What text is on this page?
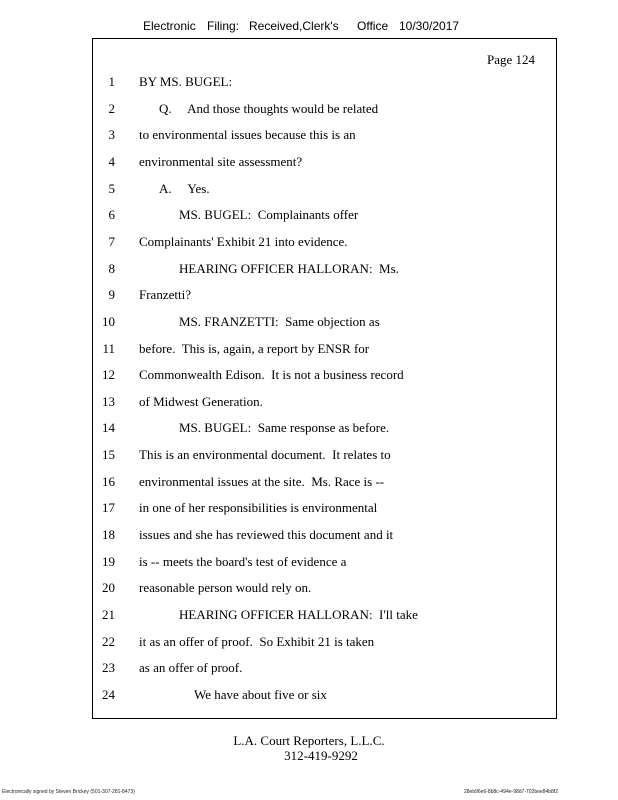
Electronic Filing: Received,Clerk's Office 10/30/2017
Page 124
1 BY MS. BUGEL:
2	Q.     And those thoughts would be related
3 to environmental issues because this is an
4 environmental site assessment?
5	A.     Yes.
6	MS. BUGEL:  Complainants offer
7 Complainants' Exhibit 21 into evidence.
8	HEARING OFFICER HALLORAN:  Ms.
9 Franzetti?
10	MS. FRANZETTI:  Same objection as
11 before.  This is, again, a report by ENSR for
12 Commonwealth Edison.  It is not a business record
13 of Midwest Generation.
14	MS. BUGEL:  Same response as before.
15 This is an environmental document.  It relates to
16 environmental issues at the site.  Ms. Race is --
17 in one of her responsibilities is environmental
18 issues and she has reviewed this document and it
19 is -- meets the board's test of evidence a
20 reasonable person would rely on.
21	HEARING OFFICER HALLORAN:  I'll take
22 it as an offer of proof.  So Exhibit 21 is taken
23 as an offer of proof.
24	We have about five or six
L.A. Court Reporters, L.L.C.
312-419-9292
Electronically signed by Steven Brickey (501-307-281-8473)	28eb96e6-8b8c-494e-98d7-702bee84b8f2
